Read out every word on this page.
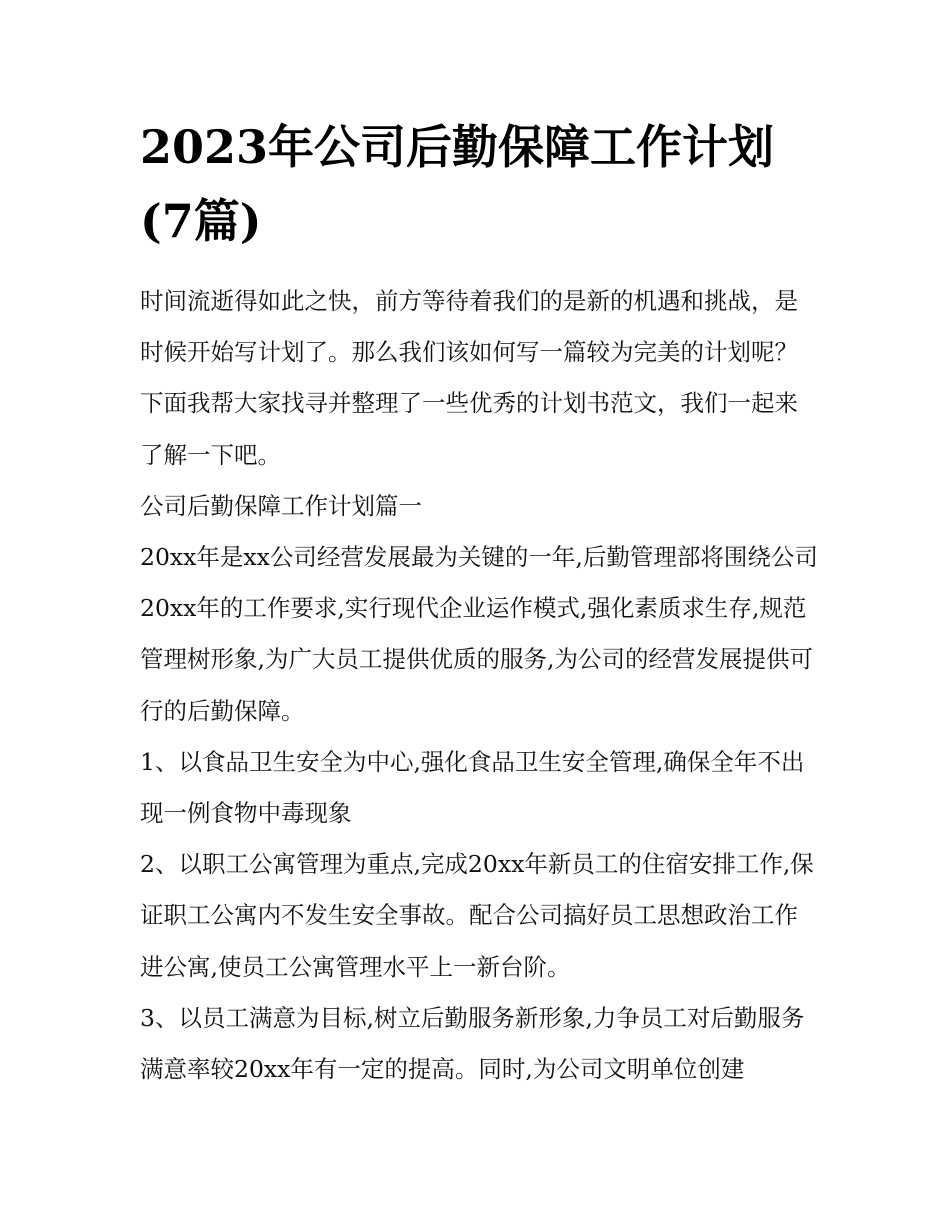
2023年公司后勤保障工作计划(7篇)

时间流逝得如此之快，前方等待着我们的是新的机遇和挑战，是时候开始写计划了。那么我们该如何写一篇较为完美的计划呢？下面我帮大家找寻并整理了一些优秀的计划书范文，我们一起来了解一下吧。

公司后勤保障工作计划篇一

20xx年是xx公司经营发展最为关键的一年,后勤管理部将围绕公司20xx年的工作要求,实行现代企业运作模式,强化素质求生存,规范管理树形象,为广大员工提供优质的服务,为公司的经营发展提供可行的后勤保障。

1、以食品卫生安全为中心,强化食品卫生安全管理,确保全年不出现一例食物中毒现象

2、以职工公寓管理为重点,完成20xx年新员工的住宿安排工作,保证职工公寓内不发生安全事故。配合公司搞好员工思想政治工作进公寓,使员工公寓管理水平上一新台阶。

3、以员工满意为目标,树立后勤服务新形象,力争员工对后勤服务满意率较20xx年有一定的提高。同时,为公司文明单位创建
